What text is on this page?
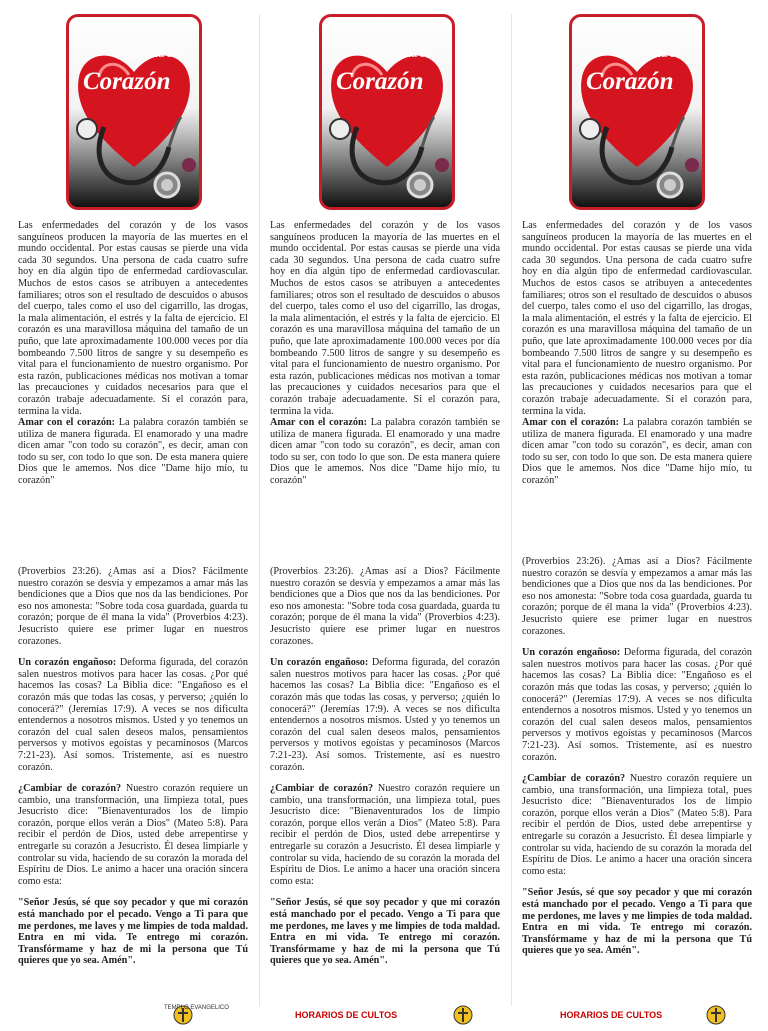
Cómo está su
Corazón
Cómo está su
Corazón
Cómo está su
Corazón

Las enfermedades del corazón y de los vasos sanguíneos producen la mayoría de las muertes en el mundo occidental. Por estas causas se pierde una vida cada 30 segundos. Una persona de cada cuatro sufre hoy en día algún tipo de enfermedad cardiovascular. Muchos de estos casos se atribuyen a antecedentes familiares; otros son el resultado de descuidos o abusos del cuerpo, tales como el uso del cigarrillo, las drogas, la mala alimentación, el estrés y la falta de ejercicio. El corazón es una maravillosa máquina del tamaño de un puño, que late aproximadamente 100.000 veces por día bombeando 7.500 litros de sangre y su desempeño es vital para el funcionamiento de nuestro organismo. Por esta razón, publicaciones médicas nos motivan a tomar las precauciones y cuidados necesarios para que el corazón trabaje adecuadamente. Si el corazón para, termina la vida.

Amar con el corazón: La palabra corazón también se utiliza de manera figurada. El enamorado y una madre dicen amar "con todo su corazón", es decir, aman con todo su ser, con todo lo que son. De esta manera quiere Dios que le amemos. Nos dice "Dame hijo mío, tu corazón"

Las enfermedades del corazón y de los vasos sanguíneos producen la mayoría de las muertes en el mundo occidental. Por estas causas se pierde una vida cada 30 segundos. Una persona de cada cuatro sufre hoy en día algún tipo de enfermedad cardiovascular. Muchos de estos casos se atribuyen a antecedentes familiares; otros son el resultado de descuidos o abusos del cuerpo, tales como el uso del cigarrillo, las drogas, la mala alimentación, el estrés y la falta de ejercicio. El corazón es una maravillosa máquina del tamaño de un puño, que late aproximadamente 100.000 veces por día bombeando 7.500 litros de sangre y su desempeño es vital para el funcionamiento de nuestro organismo. Por esta razón, publicaciones médicas nos motivan a tomar las precauciones y cuidados necesarios para que el corazón trabaje adecuadamente. Si el corazón para, termina la vida.

Amar con el corazón: La palabra corazón también se utiliza de manera figurada. El enamorado y una madre dicen amar "con todo su corazón", es decir, aman con todo su ser, con todo lo que son. De esta manera quiere Dios que le amemos. Nos dice "Dame hijo mío, tu corazón"

Las enfermedades del corazón y de los vasos sanguíneos producen la mayoría de las muertes en el mundo occidental. Por estas causas se pierde una vida cada 30 segundos. Una persona de cada cuatro sufre hoy en día algún tipo de enfermedad cardiovascular. Muchos de estos casos se atribuyen a antecedentes familiares; otros son el resultado de descuidos o abusos del cuerpo, tales como el uso del cigarrillo, las drogas, la mala alimentación, el estrés y la falta de ejercicio. El corazón es una maravillosa máquina del tamaño de un puño, que late aproximadamente 100.000 veces por día bombeando 7.500 litros de sangre y su desempeño es vital para el funcionamiento de nuestro organismo. Por esta razón, publicaciones médicas nos motivan a tomar las precauciones y cuidados necesarios para que el corazón trabaje adecuadamente. Si el corazón para, termina la vida.

Amar con el corazón: La palabra corazón también se utiliza de manera figurada. El enamorado y una madre dicen amar "con todo su corazón", es decir, aman con todo su ser, con todo lo que son. De esta manera quiere Dios que le amemos. Nos dice "Dame hijo mío, tu corazón"

(Proverbios 23:26). ¿Amas así a Dios? Fácilmente nuestro corazón se desvía y empezamos a amar más las bendiciones que a Dios que nos da las bendiciones. Por eso nos amonesta: "Sobre toda cosa guardada, guarda tu corazón; porque de él mana la vida" (Proverbios 4:23). Jesucristo quiere ese primer lugar en nuestros corazones.

Un corazón engañoso: Deforma figurada, del corazón salen nuestros motivos para hacer las cosas. ¿Por qué hacemos las cosas? La Biblia dice: "Engañoso es el corazón más que todas las cosas, y perverso; ¿quién lo conocerá?" (Jeremías 17:9). A veces se nos dificulta entendernos a nosotros mismos. Usted y yo tenemos un corazón del cual salen deseos malos, pensamientos perversos y motivos egoístas y pecaminosos (Marcos 7:21-23). Así somos. Tristemente, así es nuestro corazón.

¿Cambiar de corazón? Nuestro corazón requiere un cambio, una transformación, una limpieza total, pues Jesucristo dice: "Bienaventurados los de limpio corazón, porque ellos verán a Dios" (Mateo 5:8). Para recibir el perdón de Dios, usted debe arrepentirse y entregarle su corazón a Jesucristo. Él desea limpiarle y controlar su vida, haciendo de su corazón la morada del Espíritu de Dios. Le animo a hacer una oración sincera como esta:

"Señor Jesús, sé que soy pecador y que mi corazón está manchado por el pecado. Vengo a Ti para que me perdones, me laves y me limpies de toda maldad. Entra en mi vida. Te entrego mi corazón. Transfórmame y haz de mi la persona que Tú quieres que yo sea. Amén".

(Proverbios 23:26). ¿Amas así a Dios? Fácilmente nuestro corazón se desvía y empezamos a amar más las bendiciones que a Dios que nos da las bendiciones. Por eso nos amonesta: "Sobre toda cosa guardada, guarda tu corazón; porque de él mana la vida" (Proverbios 4:23). Jesucristo quiere ese primer lugar en nuestros corazones.

Un corazón engañoso: Deforma figurada, del corazón salen nuestros motivos para hacer las cosas. ¿Por qué hacemos las cosas? La Biblia dice: "Engañoso es el corazón más que todas las cosas, y perverso; ¿quién lo conocerá?" (Jeremías 17:9). A veces se nos dificulta entendernos a nosotros mismos. Usted y yo tenemos un corazón del cual salen deseos malos, pensamientos perversos y motivos egoístas y pecaminosos (Marcos 7:21-23). Así somos. Tristemente, así es nuestro corazón.

¿Cambiar de corazón? Nuestro corazón requiere un cambio, una transformación, una limpieza total, pues Jesucristo dice: "Bienaventurados los de limpio corazón, porque ellos verán a Dios" (Mateo 5:8). Para recibir el perdón de Dios, usted debe arrepentirse y entregarle su corazón a Jesucristo. Él desea limpiarle y controlar su vida, haciendo de su corazón la morada del Espíritu de Dios. Le animo a hacer una oración sincera como esta:

"Señor Jesús, sé que soy pecador y que mi corazón está manchado por el pecado. Vengo a Ti para que me perdones, me laves y me limpies de toda maldad. Entra en mi vida. Te entrego mi corazón. Transfórmame y haz de mi la persona que Tú quieres que yo sea. Amén".

(Proverbios 23:26). ¿Amas así a Dios? Fácilmente nuestro corazón se desvía y empezamos a amar más las bendiciones que a Dios que nos da las bendiciones. Por eso nos amonesta: "Sobre toda cosa guardada, guarda tu corazón; porque de él mana la vida" (Proverbios 4:23). Jesucristo quiere ese primer lugar en nuestros corazones.

Un corazón engañoso: Deforma figurada, del corazón salen nuestros motivos para hacer las cosas. ¿Por qué hacemos las cosas? La Biblia dice: "Engañoso es el corazón más que todas las cosas, y perverso; ¿quién lo conocerá?" (Jeremías 17:9). A veces se nos dificulta entendernos a nosotros mismos. Usted y yo tenemos un corazón del cual salen deseos malos, pensamientos perversos y motivos egoístas y pecaminosos (Marcos 7:21-23). Así somos. Tristemente, así es nuestro corazón.

¿Cambiar de corazón? Nuestro corazón requiere un cambio, una transformación, una limpieza total, pues Jesucristo dice: "Bienaventurados los de limpio corazón, porque ellos verán a Dios" (Mateo 5:8). Para recibir el perdón de Dios, usted debe arrepentirse y entregarle su corazón a Jesucristo. Él desea limpiarle y controlar su vida, haciendo de su corazón la morada del Espíritu de Dios. Le animo a hacer una oración sincera como esta:

"Señor Jesús, sé que soy pecador y que mi corazón está manchado por el pecado. Vengo a Ti para que me perdones, me laves y me limpies de toda maldad. Entra en mi vida. Te entrego mi corazón. Transfórmame y haz de mi la persona que Tú quieres que yo sea. Amén".

TEMPLO EVANGELICO
HORARIOS DE CULTOS	HORARIOS DE CULTOS
